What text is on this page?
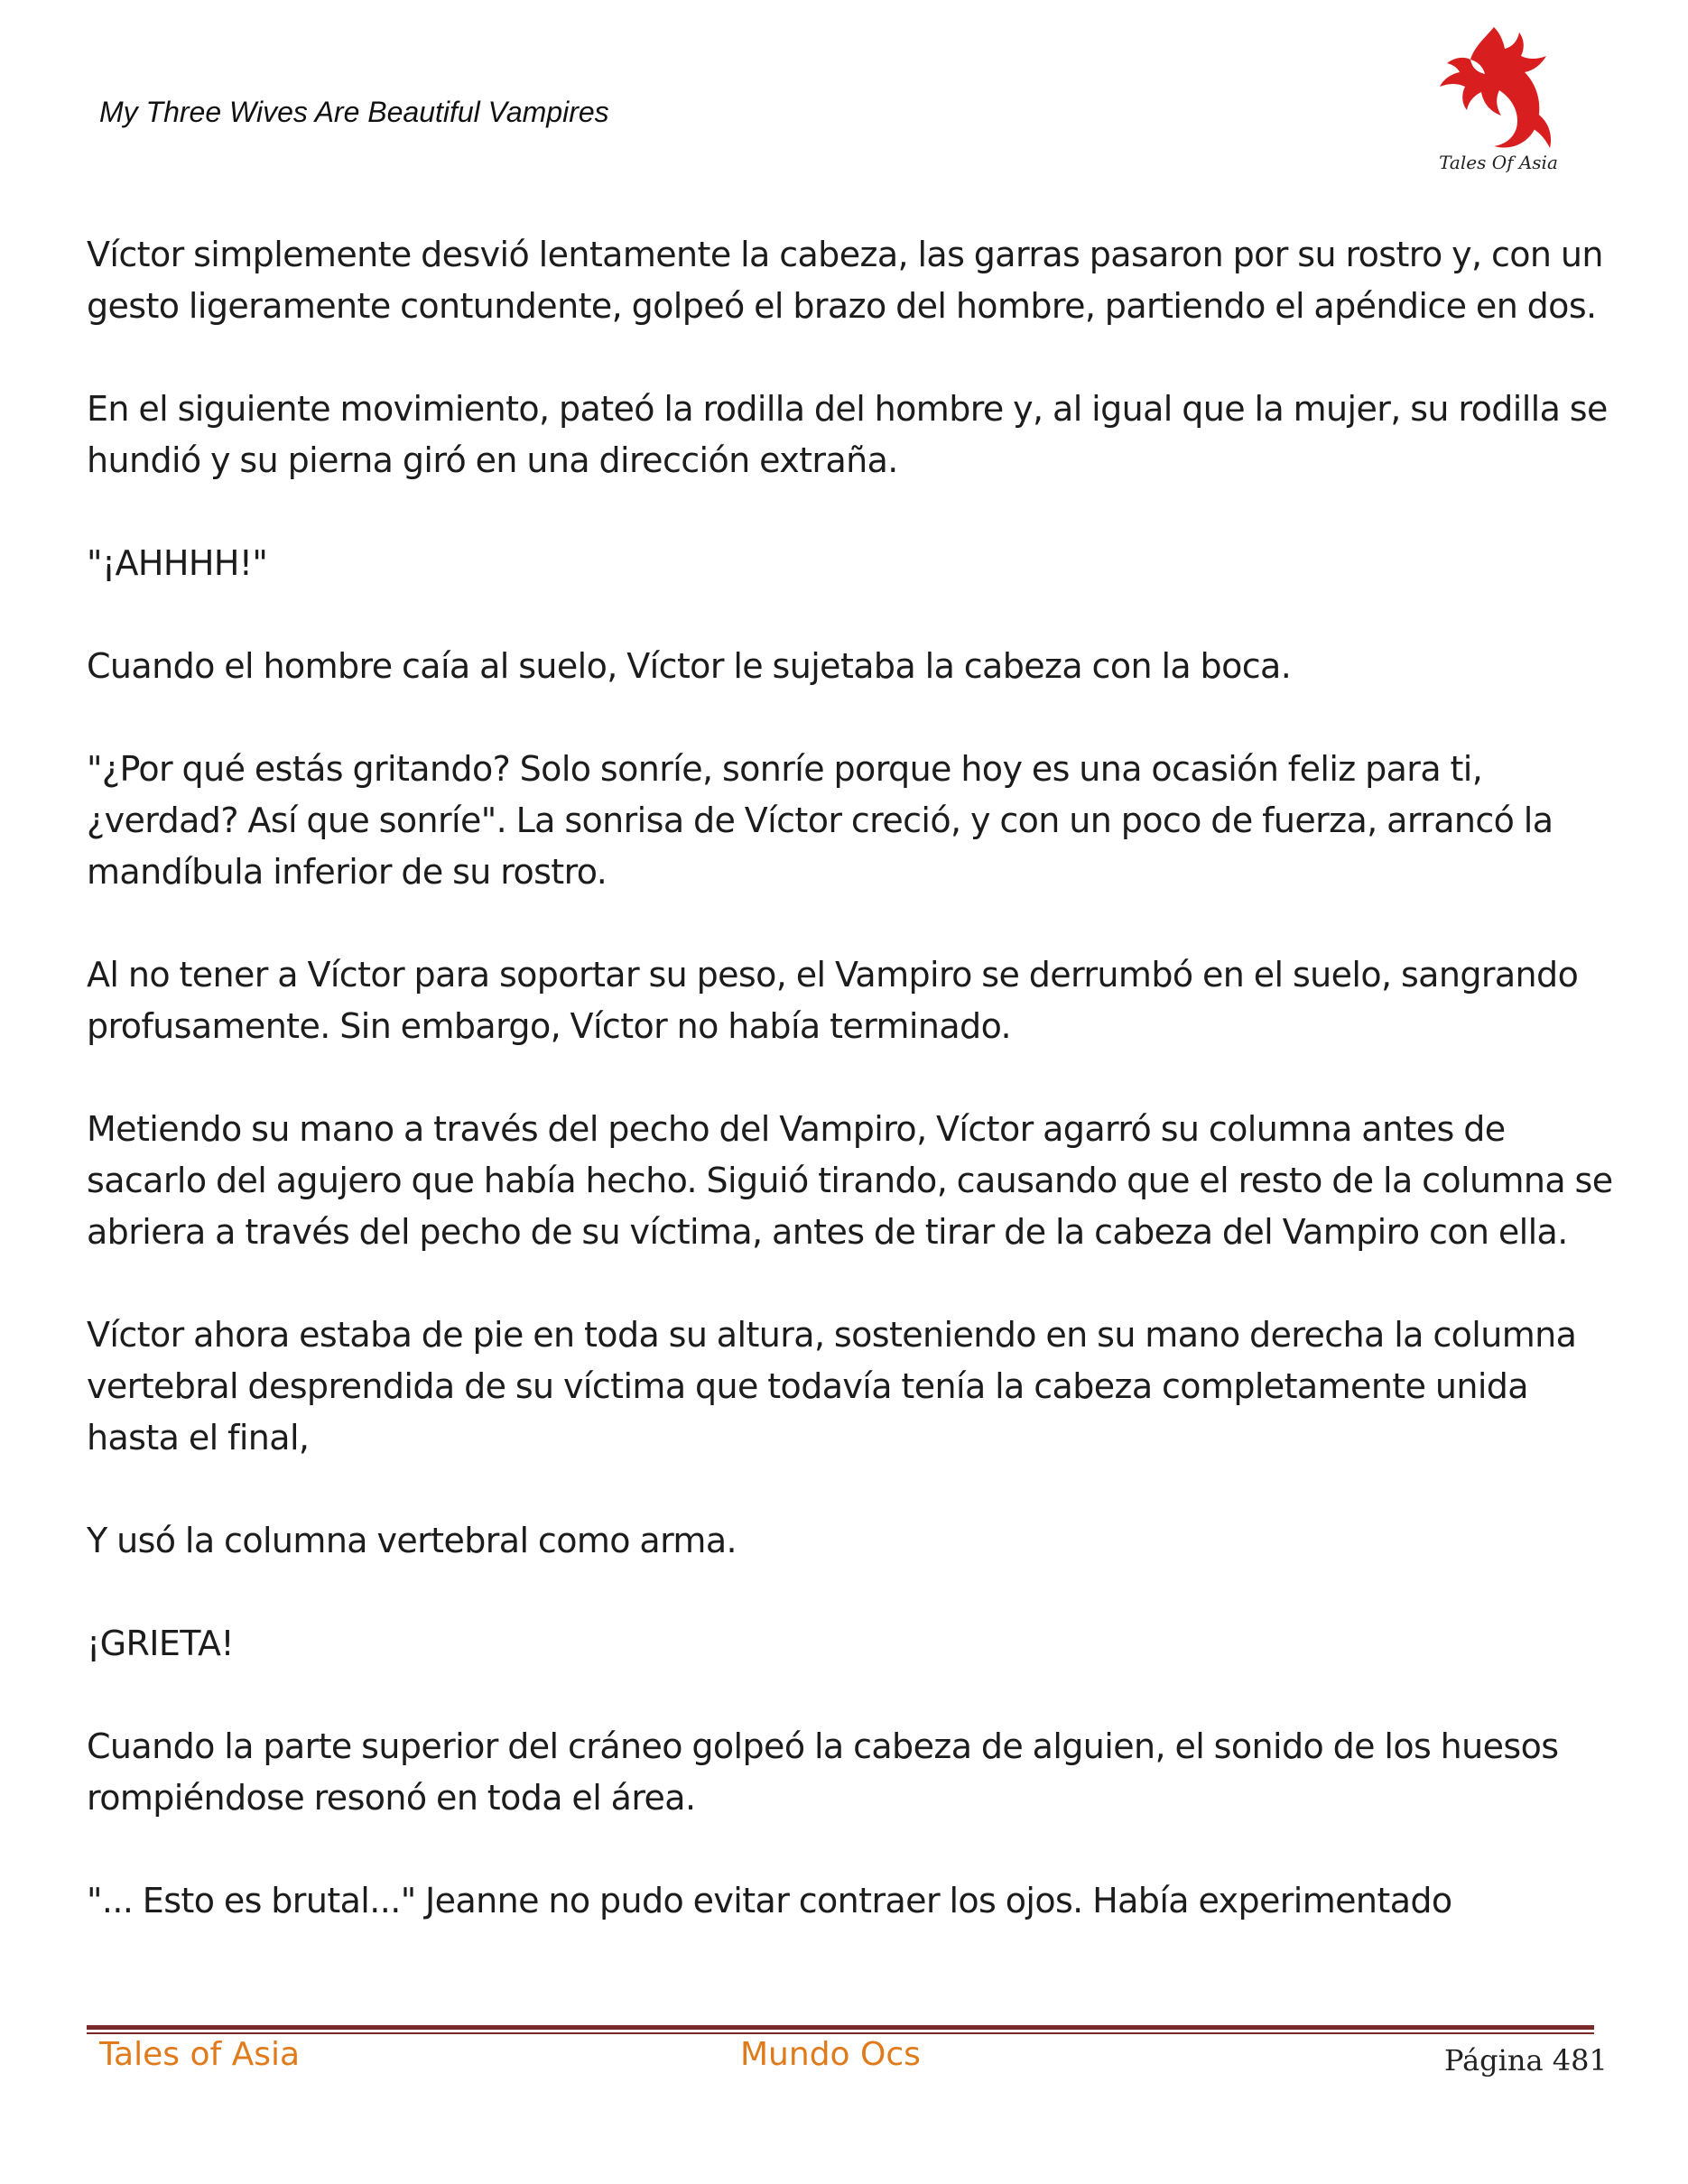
My Three Wives Are Beautiful Vampires
Tales Of Asia

Víctor simplemente desvió lentamente la cabeza, las garras pasaron por su rostro y, con un gesto ligeramente contundente, golpeó el brazo del hombre, partiendo el apéndice en dos.

En el siguiente movimiento, pateó la rodilla del hombre y, al igual que la mujer, su rodilla se hundió y su pierna giró en una dirección extraña.

"¡AHHHH!"

Cuando el hombre caía al suelo, Víctor le sujetaba la cabeza con la boca.

"¿Por qué estás gritando? Solo sonríe, sonríe porque hoy es una ocasión feliz para ti, ¿verdad? Así que sonríe". La sonrisa de Víctor creció, y con un poco de fuerza, arrancó la mandíbula inferior de su rostro.

Al no tener a Víctor para soportar su peso, el Vampiro se derrumbó en el suelo, sangrando profusamente. Sin embargo, Víctor no había terminado.

Metiendo su mano a través del pecho del Vampiro, Víctor agarró su columna antes de sacarlo del agujero que había hecho. Siguió tirando, causando que el resto de la columna se abriera a través del pecho de su víctima, antes de tirar de la cabeza del Vampiro con ella.

Víctor ahora estaba de pie en toda su altura, sosteniendo en su mano derecha la columna vertebral desprendida de su víctima que todavía tenía la cabeza completamente unida hasta el final,

Y usó la columna vertebral como arma.

¡GRIETA!

Cuando la parte superior del cráneo golpeó la cabeza de alguien, el sonido de los huesos rompiéndose resonó en toda el área.

"... Esto es brutal..." Jeanne no pudo evitar contraer los ojos. Había experimentado

Tales of Asia	Mundo Ocs	Página 481
